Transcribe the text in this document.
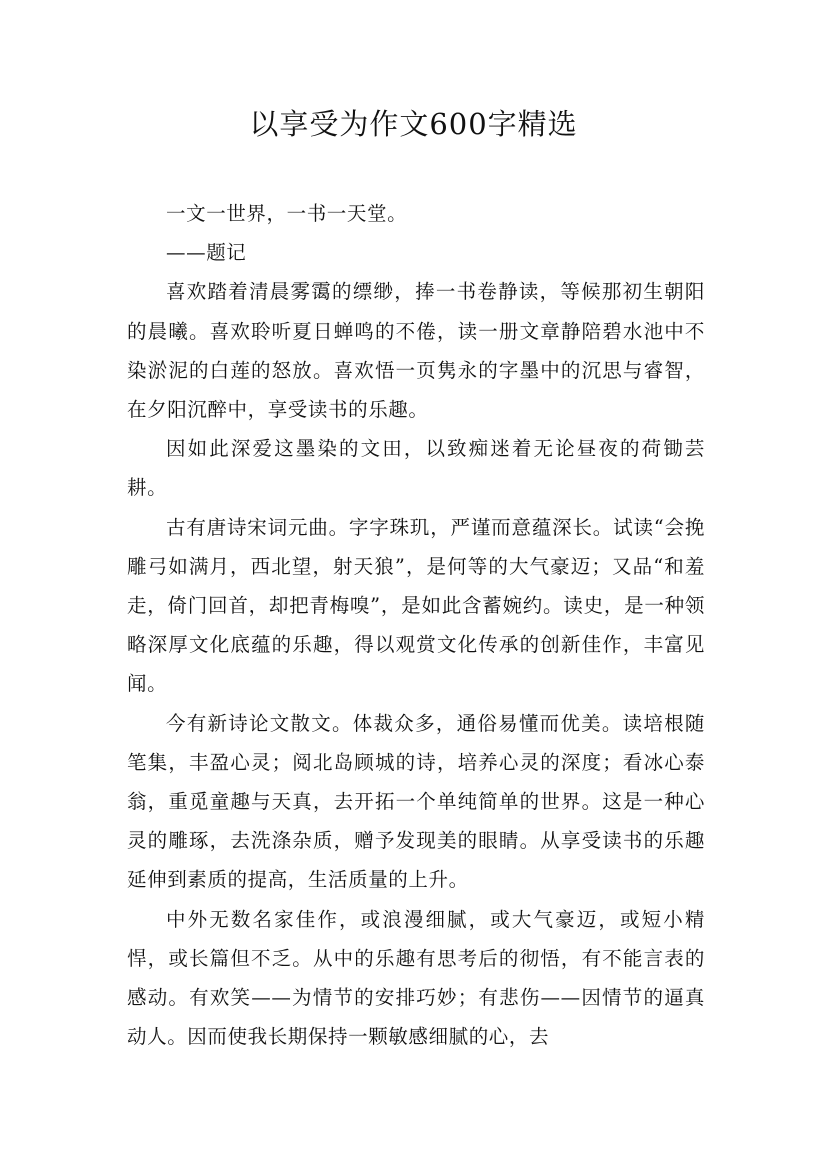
以享受为作文600字精选

一文一世界，一书一天堂。

——题记

喜欢踏着清晨雾霭的缥缈，捧一书卷静读，等候那初生朝阳的晨曦。喜欢聆听夏日蝉鸣的不倦，读一册文章静陪碧水池中不染淤泥的白莲的怒放。喜欢悟一页隽永的字墨中的沉思与睿智，在夕阳沉醉中，享受读书的乐趣。

因如此深爱这墨染的文田，以致痴迷着无论昼夜的荷锄芸耕。

古有唐诗宋词元曲。字字珠玑，严谨而意蕴深长。试读“会挽雕弓如满月，西北望，射天狼”，是何等的大气豪迈；又品“和羞走，倚门回首，却把青梅嗅”，是如此含蓄婉约。读史，是一种领略深厚文化底蕴的乐趣，得以观赏文化传承的创新佳作，丰富见闻。

今有新诗论文散文。体裁众多，通俗易懂而优美。读培根随笔集，丰盈心灵；阅北岛顾城的诗，培养心灵的深度；看冰心泰翁，重觅童趣与天真，去开拓一个单纯简单的世界。这是一种心灵的雕琢，去洗涤杂质，赠予发现美的眼睛。从享受读书的乐趣延伸到素质的提高，生活质量的上升。

中外无数名家佳作，或浪漫细腻，或大气豪迈，或短小精悍，或长篇但不乏。从中的乐趣有思考后的彻悟，有不能言表的感动。有欢笑——为情节的安排巧妙；有悲伤——因情节的逼真动人。因而使我长期保持一颗敏感细腻的心，去
